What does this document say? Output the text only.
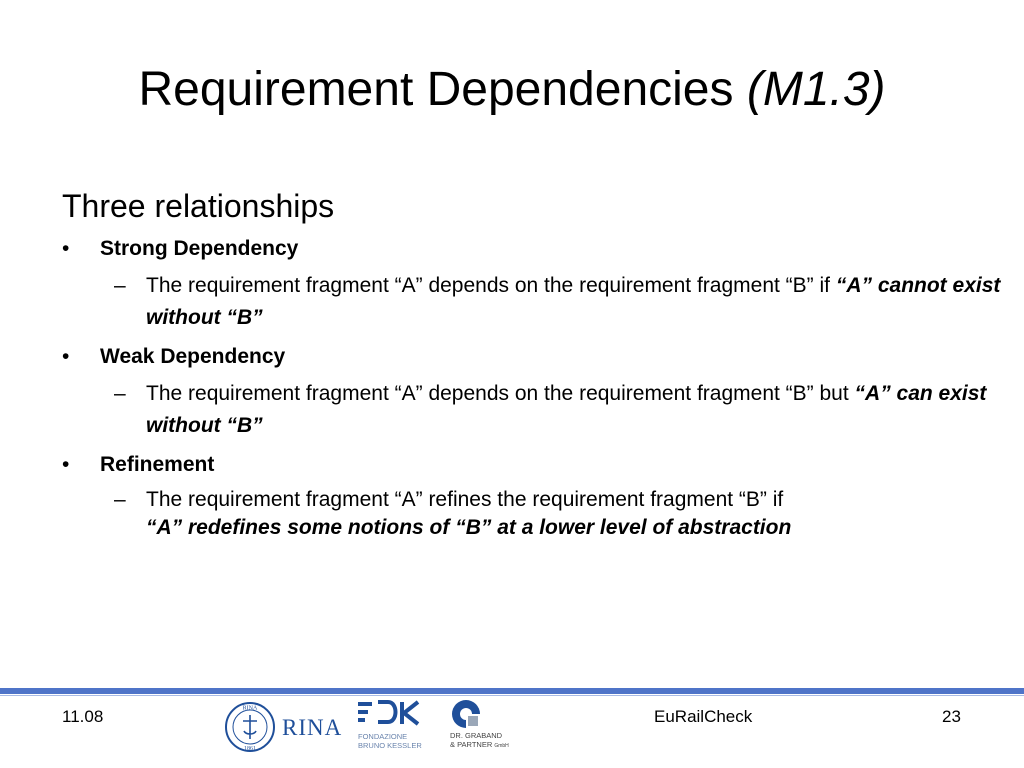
Requirement Dependencies (M1.3)
Three relationships
• Strong Dependency
– The requirement fragment “A” depends on the requirement fragment “B” if “A” cannot exist without “B”
• Weak Dependency
– The requirement fragment “A” depends on the requirement fragment “B” but “A” can exist without “B”
• Refinement
– The requirement fragment “A” refines the requirement fragment “B” if
“A” redefines some notions of “B” at a lower level of abstraction
11.08	RINA
1861
RINA FONDAZIONE
BRUNO KESSLER
DR. GRABAND
& PARTNER GmbH
EuRailCheck	23
